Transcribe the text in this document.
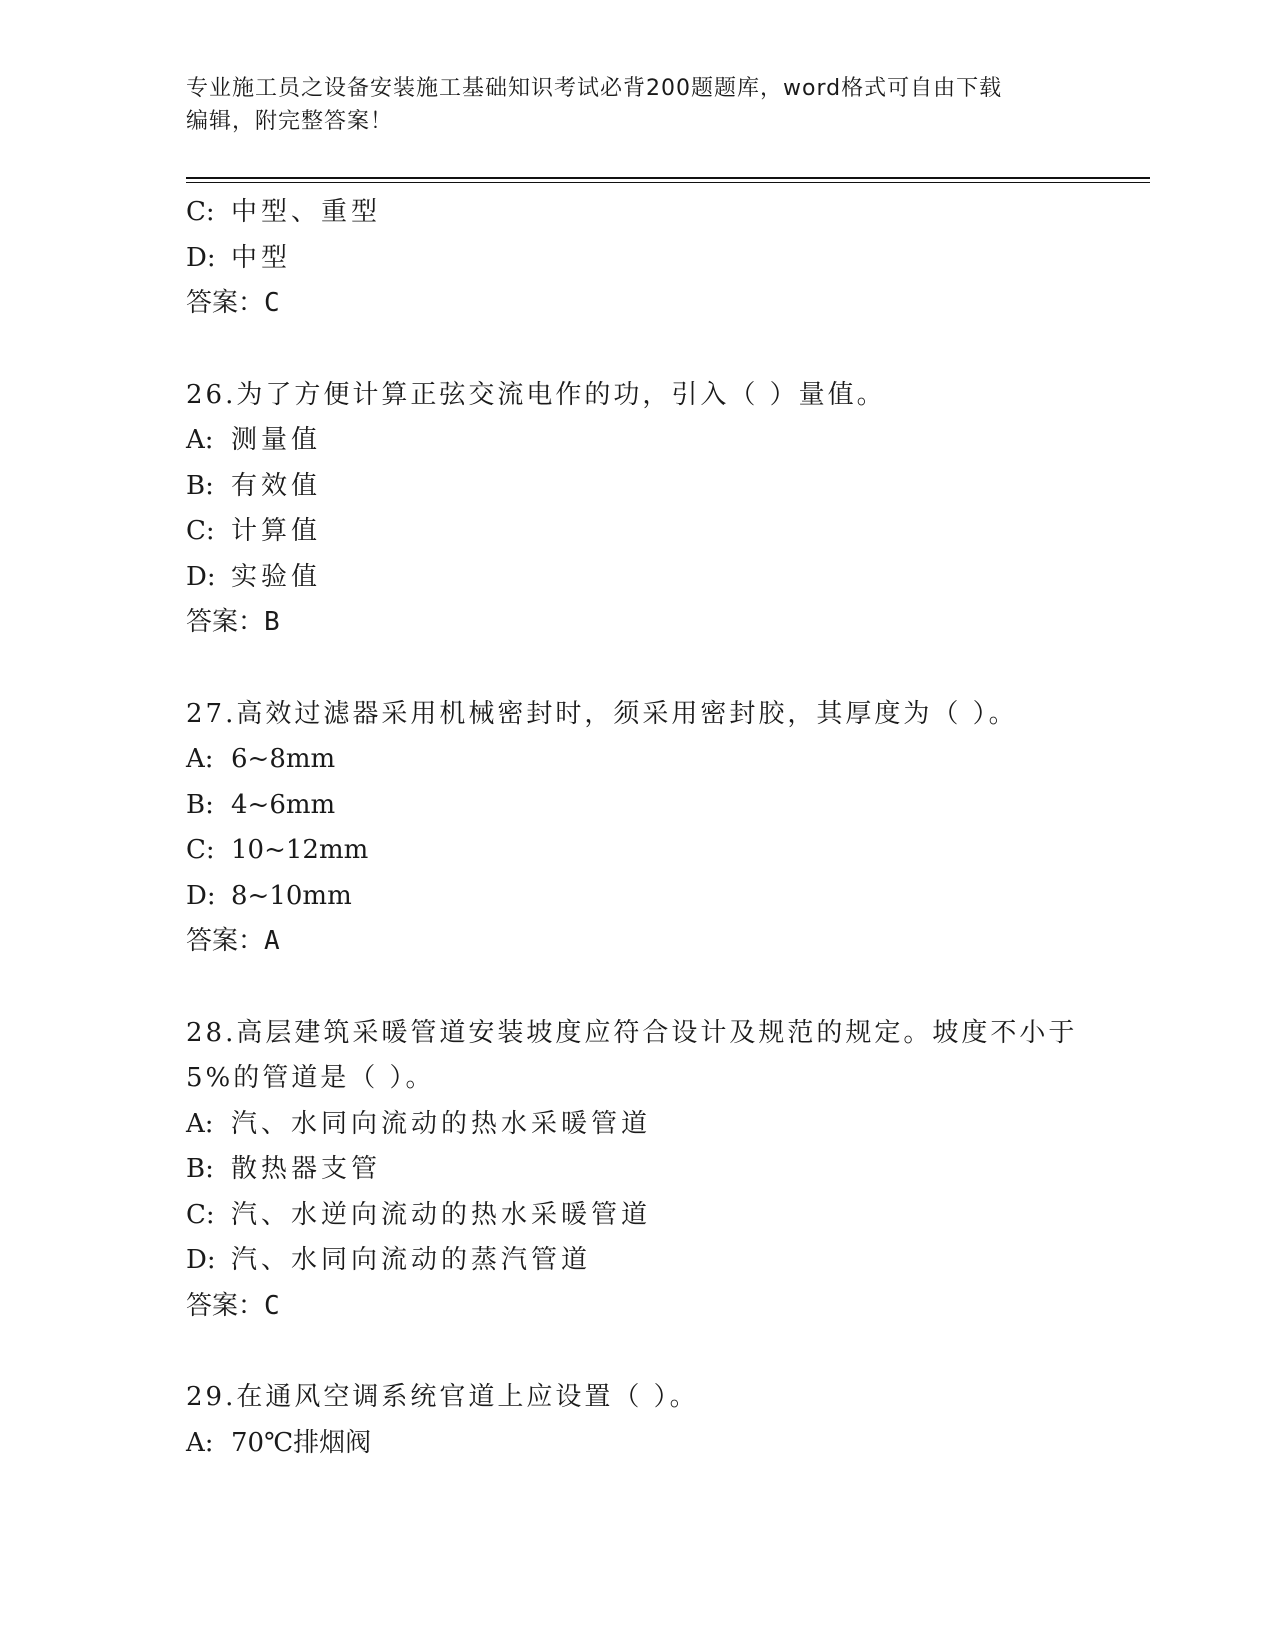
专业施工员之设备安装施工基础知识考试必背200题题库，word格式可自由下载
编辑，附完整答案！
C: 中型、重型
D: 中型
答案：C
26.为了方便计算正弦交流电作的功，引入（ ）量值。
A: 测量值
B: 有效值
C: 计算值
D: 实验值
答案：B
27.高效过滤器采用机械密封时，须采用密封胶，其厚度为（ ）。
A: 6~8mm
B: 4~6mm
C: 10~12mm
D: 8~10mm
答案：A
28.高层建筑采暖管道安装坡度应符合设计及规范的规定。坡度不小于
5%的管道是（ ）。
A: 汽、水同向流动的热水采暖管道
B: 散热器支管
C: 汽、水逆向流动的热水采暖管道
D: 汽、水同向流动的蒸汽管道
答案：C
29.在通风空调系统官道上应设置（ ）。
A: 70℃排烟阀
